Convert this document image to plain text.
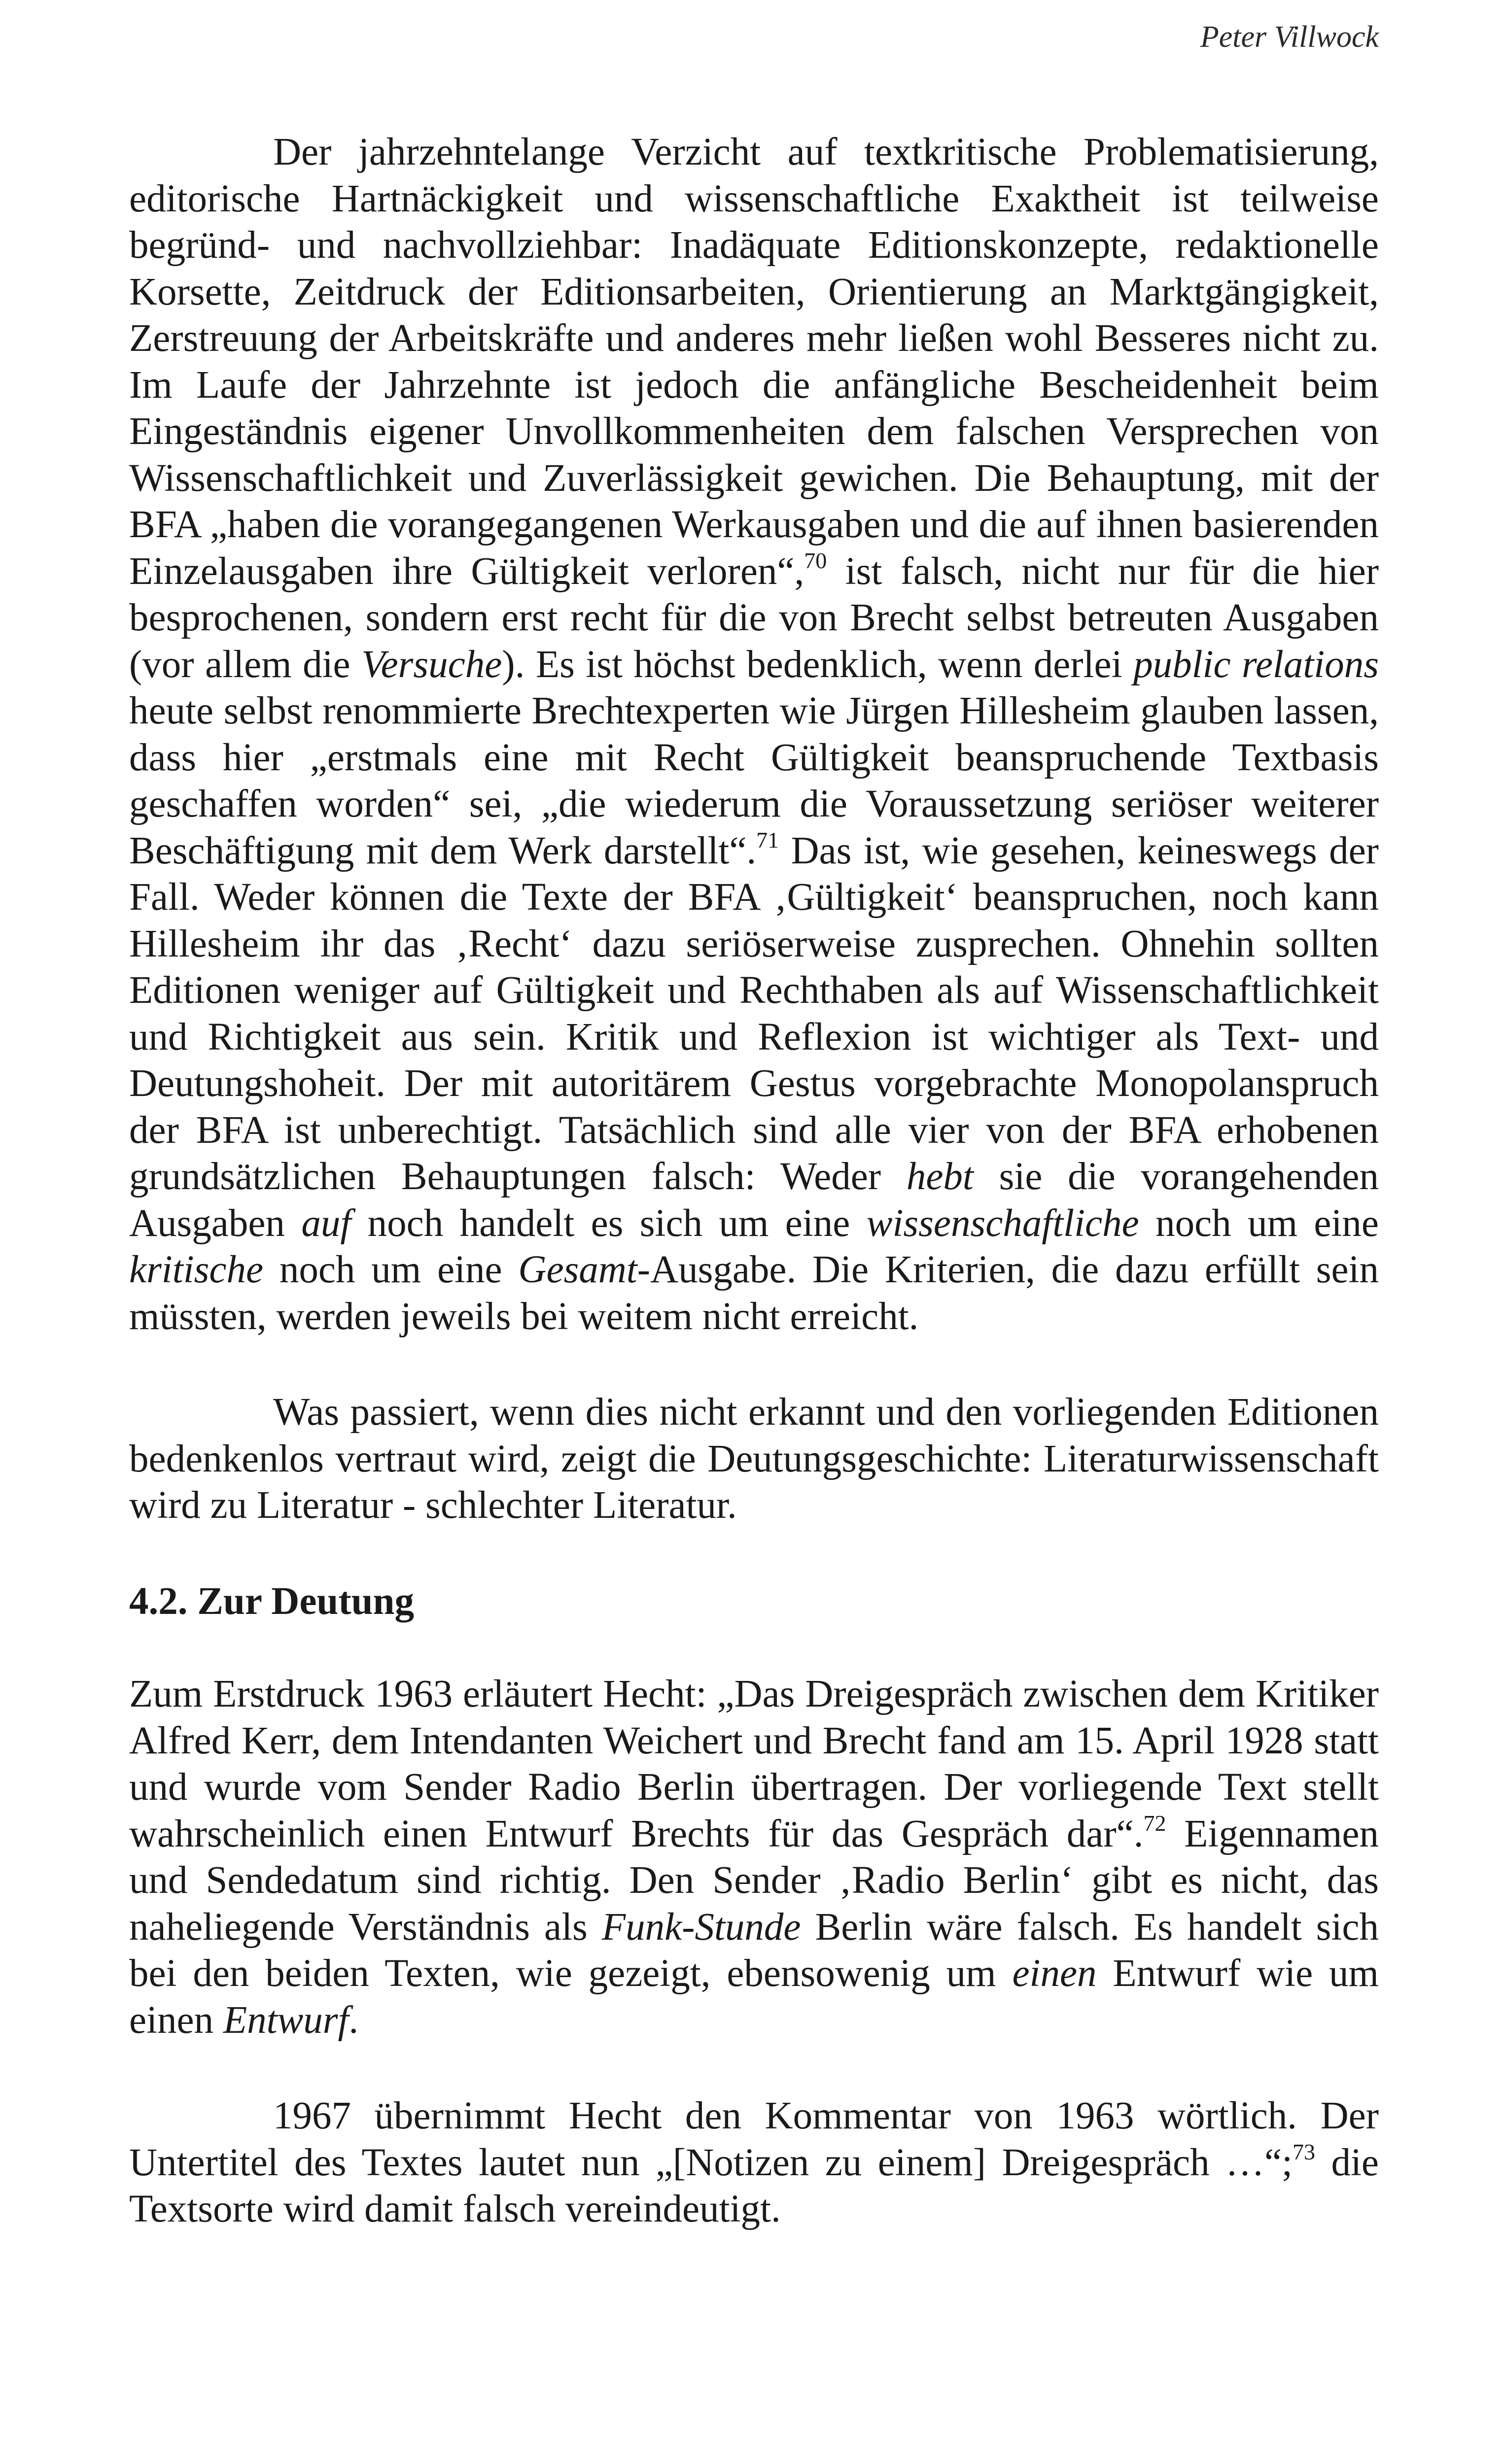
Peter Villwock

Der jahrzehntelange Verzicht auf textkritische Problematisierung, editorische Hartnäckigkeit und wissenschaftliche Exaktheit ist teilweise begründ- und nachvollziehbar: Inadäquate Editionskonzepte, redaktionelle Korsette, Zeitdruck der Editionsarbeiten, Orientierung an Marktgängigkeit, Zerstreuung der Arbeitskräfte und anderes mehr ließen wohl Besseres nicht zu. Im Laufe der Jahrzehnte ist jedoch die anfängliche Bescheidenheit beim Eingeständnis eigener Unvollkommenheiten dem falschen Versprechen von Wissenschaftlichkeit und Zuverlässigkeit gewichen. Die Behauptung, mit der BFA „haben die vorangegangenen Werkausgaben und die auf ihnen basierenden Einzelausgaben ihre Gültigkeit verloren“,$^{70}$ ist falsch, nicht nur für die hier besprochenen, sondern erst recht für die von Brecht selbst betreuten Ausgaben (vor allem die Versuche). Es ist höchst bedenklich, wenn derlei public relations heute selbst renommierte Brechtexperten wie Jürgen Hillesheim glauben lassen, dass hier „erstmals eine mit Recht Gültigkeit beanspruchende Textbasis geschaffen worden“ sei, „die wiederum die Voraussetzung seriöser weiterer Beschäftigung mit dem Werk darstellt“.$^{71}$ Das ist, wie gesehen, keineswegs der Fall. Weder können die Texte der BFA ‚Gültigkeit‘ beanspruchen, noch kann Hillesheim ihr das ‚Recht‘ dazu seriöserweise zusprechen. Ohnehin sollten Editionen weniger auf Gültigkeit und Rechthaben als auf Wissenschaftlichkeit und Richtigkeit aus sein. Kritik und Reflexion ist wichtiger als Text- und Deutungshoheit. Der mit autoritärem Gestus vorgebrachte Monopolanspruch der BFA ist unberechtigt. Tatsächlich sind alle vier von der BFA erhobenen grundsätzlichen Behauptungen falsch: Weder hebt sie die vorangehenden Ausgaben auf noch handelt es sich um eine wissenschaftliche noch um eine kritische noch um eine Gesamt-Ausgabe. Die Kriterien, die dazu erfüllt sein müssten, werden jeweils bei weitem nicht erreicht.

Was passiert, wenn dies nicht erkannt und den vorliegenden Editionen bedenkenlos vertraut wird, zeigt die Deutungsgeschichte: Literaturwissenschaft wird zu Literatur - schlechter Literatur.

4.2. Zur Deutung

Zum Erstdruck 1963 erläutert Hecht: „Das Dreigespräch zwischen dem Kritiker Alfred Kerr, dem Intendanten Weichert und Brecht fand am 15. April 1928 statt und wurde vom Sender Radio Berlin übertragen. Der vorliegende Text stellt wahrscheinlich einen Entwurf Brechts für das Gespräch dar“.$^{72}$ Eigennamen und Sendedatum sind richtig. Den Sender ‚Radio Berlin‘ gibt es nicht, das naheliegende Verständnis als Funk-Stunde Berlin wäre falsch. Es handelt sich bei den beiden Texten, wie gezeigt, ebensowenig um einen Entwurf wie um einen Entwurf.

1967 übernimmt Hecht den Kommentar von 1963 wörtlich. Der Untertitel des Textes lautet nun „[Notizen zu einem] Dreigespräch …“;$^{73}$ die Textsorte wird damit falsch vereindeutigt.
